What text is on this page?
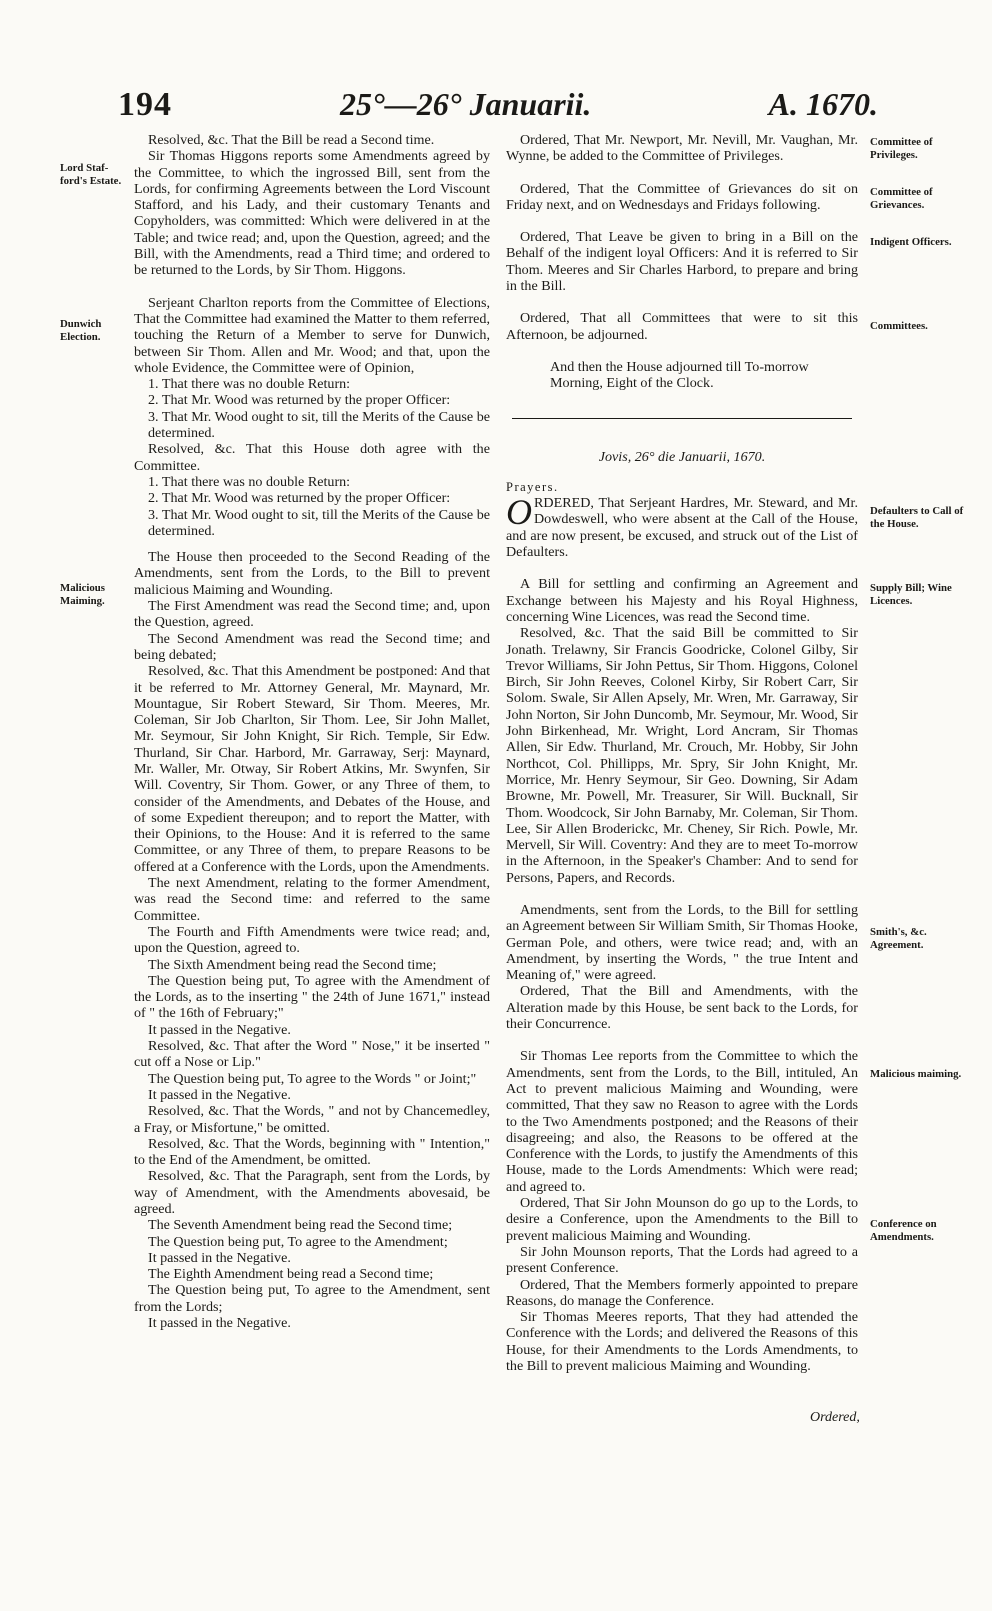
194	25°—26° Januarii.	A. 1670.
Lord Staf-ford's Estate.
Dunwich Election.
Malicious Maiming.
Committee of Privileges.
Committee of Grievances.
Indigent Officers.
Committees.
Defaulters to Call of the House.
Supply Bill; Wine Licences.
Smith's, &c. Agreement.
Malicious maiming.
Conference on Amendments.

Resolved, &c. That the Bill be read a Second time.

Sir Thomas Higgons reports some Amendments agreed by the Committee, to which the ingrossed Bill, sent from the Lords, for confirming Agreements between the Lord Viscount Stafford, and his Lady, and their customary Tenants and Copyholders, was committed: Which were delivered in at the Table; and twice read; and, upon the Question, agreed; and the Bill, with the Amendments, read a Third time; and ordered to be returned to the Lords, by Sir Thom. Higgons.

Serjeant Charlton reports from the Committee of Elections, That the Committee had examined the Matter to them referred, touching the Return of a Member to serve for Dunwich, between Sir Thom. Allen and Mr. Wood; and that, upon the whole Evidence, the Committee were of Opinion,

1. That there was no double Return:

2. That Mr. Wood was returned by the proper Officer:

3. That Mr. Wood ought to sit, till the Merits of the Cause be determined.

Resolved, &c. That this House doth agree with the Committee.

1. That there was no double Return:

2. That Mr. Wood was returned by the proper Officer:

3. That Mr. Wood ought to sit, till the Merits of the Cause be determined.

The House then proceeded to the Second Reading of the Amendments, sent from the Lords, to the Bill to prevent malicious Maiming and Wounding.

The First Amendment was read the Second time; and, upon the Question, agreed.

The Second Amendment was read the Second time; and being debated;

Resolved, &c. That this Amendment be postponed: And that it be referred to Mr. Attorney General, Mr. Maynard, Mr. Mountague, Sir Robert Steward, Sir Thom. Meeres, Mr. Coleman, Sir Job Charlton, Sir Thom. Lee, Sir John Mallet, Mr. Seymour, Sir John Knight, Sir Rich. Temple, Sir Edw. Thurland, Sir Char. Harbord, Mr. Garraway, Serj: Maynard, Mr. Waller, Mr. Otway, Sir Robert Atkins, Mr. Swynfen, Sir Will. Coventry, Sir Thom. Gower, or any Three of them, to consider of the Amendments, and Debates of the House, and of some Expedient thereupon; and to report the Matter, with their Opinions, to the House: And it is referred to the same Committee, or any Three of them, to prepare Reasons to be offered at a Conference with the Lords, upon the Amendments.

The next Amendment, relating to the former Amendment, was read the Second time: and referred to the same Committee.

The Fourth and Fifth Amendments were twice read; and, upon the Question, agreed to.

The Sixth Amendment being read the Second time;

The Question being put, To agree with the Amendment of the Lords, as to the inserting " the 24th of June 1671," instead of " the 16th of February;"

It passed in the Negative.

Resolved, &c. That after the Word " Nose," it be inserted " cut off a Nose or Lip."

The Question being put, To agree to the Words " or Joint;"

It passed in the Negative.

Resolved, &c. That the Words, " and not by Chancemedley, a Fray, or Misfortune," be omitted.

Resolved, &c. That the Words, beginning with " Intention," to the End of the Amendment, be omitted.

Resolved, &c. That the Paragraph, sent from the Lords, by way of Amendment, with the Amendments abovesaid, be agreed.

The Seventh Amendment being read the Second time;

The Question being put, To agree to the Amendment;

It passed in the Negative.

The Eighth Amendment being read a Second time;

The Question being put, To agree to the Amendment, sent from the Lords;

It passed in the Negative.

Ordered, That Mr. Newport, Mr. Nevill, Mr. Vaughan, Mr. Wynne, be added to the Committee of Privileges.

Ordered, That the Committee of Grievances do sit on Friday next, and on Wednesdays and Fridays following.

Ordered, That Leave be given to bring in a Bill on the Behalf of the indigent loyal Officers: And it is referred to Sir Thom. Meeres and Sir Charles Harbord, to prepare and bring in the Bill.

Ordered, That all Committees that were to sit this Afternoon, be adjourned.

And then the House adjourned till To-morrow Morning, Eight of the Clock.

Jovis, 26° die Januarii, 1670.

Prayers.

ORDERED, That Serjeant Hardres, Mr. Steward, and Mr. Dowdeswell, who were absent at the Call of the House, and are now present, be excused, and struck out of the List of Defaulters.

A Bill for settling and confirming an Agreement and Exchange between his Majesty and his Royal Highness, concerning Wine Licences, was read the Second time.

Resolved, &c. That the said Bill be committed to Sir Jonath. Trelawny, Sir Francis Goodricke, Colonel Gilby, Sir Trevor Williams, Sir John Pettus, Sir Thom. Higgons, Colonel Birch, Sir John Reeves, Colonel Kirby, Sir Robert Carr, Sir Solom. Swale, Sir Allen Apsely, Mr. Wren, Mr. Garraway, Sir John Norton, Sir John Duncomb, Mr. Seymour, Mr. Wood, Sir John Birkenhead, Mr. Wright, Lord Ancram, Sir Thomas Allen, Sir Edw. Thurland, Mr. Crouch, Mr. Hobby, Sir John Northcot, Col. Phillipps, Mr. Spry, Sir John Knight, Mr. Morrice, Mr. Henry Seymour, Sir Geo. Downing, Sir Adam Browne, Mr. Powell, Mr. Treasurer, Sir Will. Bucknall, Sir Thom. Woodcock, Sir John Barnaby, Mr. Coleman, Sir Thom. Lee, Sir Allen Broderickc, Mr. Cheney, Sir Rich. Powle, Mr. Mervell, Sir Will. Coventry: And they are to meet To-morrow in the Afternoon, in the Speaker's Chamber: And to send for Persons, Papers, and Records.

Amendments, sent from the Lords, to the Bill for settling an Agreement between Sir William Smith, Sir Thomas Hooke, German Pole, and others, were twice read; and, with an Amendment, by inserting the Words, " the true Intent and Meaning of," were agreed.

Ordered, That the Bill and Amendments, with the Alteration made by this House, be sent back to the Lords, for their Concurrence.

Sir Thomas Lee reports from the Committee to which the Amendments, sent from the Lords, to the Bill, intituled, An Act to prevent malicious Maiming and Wounding, were committed, That they saw no Reason to agree with the Lords to the Two Amendments postponed; and the Reasons of their disagreeing; and also, the Reasons to be offered at the Conference with the Lords, to justify the Amendments of this House, made to the Lords Amendments: Which were read; and agreed to.

Ordered, That Sir John Mounson do go up to the Lords, to desire a Conference, upon the Amendments to the Bill to prevent malicious Maiming and Wounding.

Sir John Mounson reports, That the Lords had agreed to a present Conference.

Ordered, That the Members formerly appointed to prepare Reasons, do manage the Conference.

Sir Thomas Meeres reports, That they had attended the Conference with the Lords; and delivered the Reasons of this House, for their Amendments to the Lords Amendments, to the Bill to prevent malicious Maiming and Wounding.

Ordered,
